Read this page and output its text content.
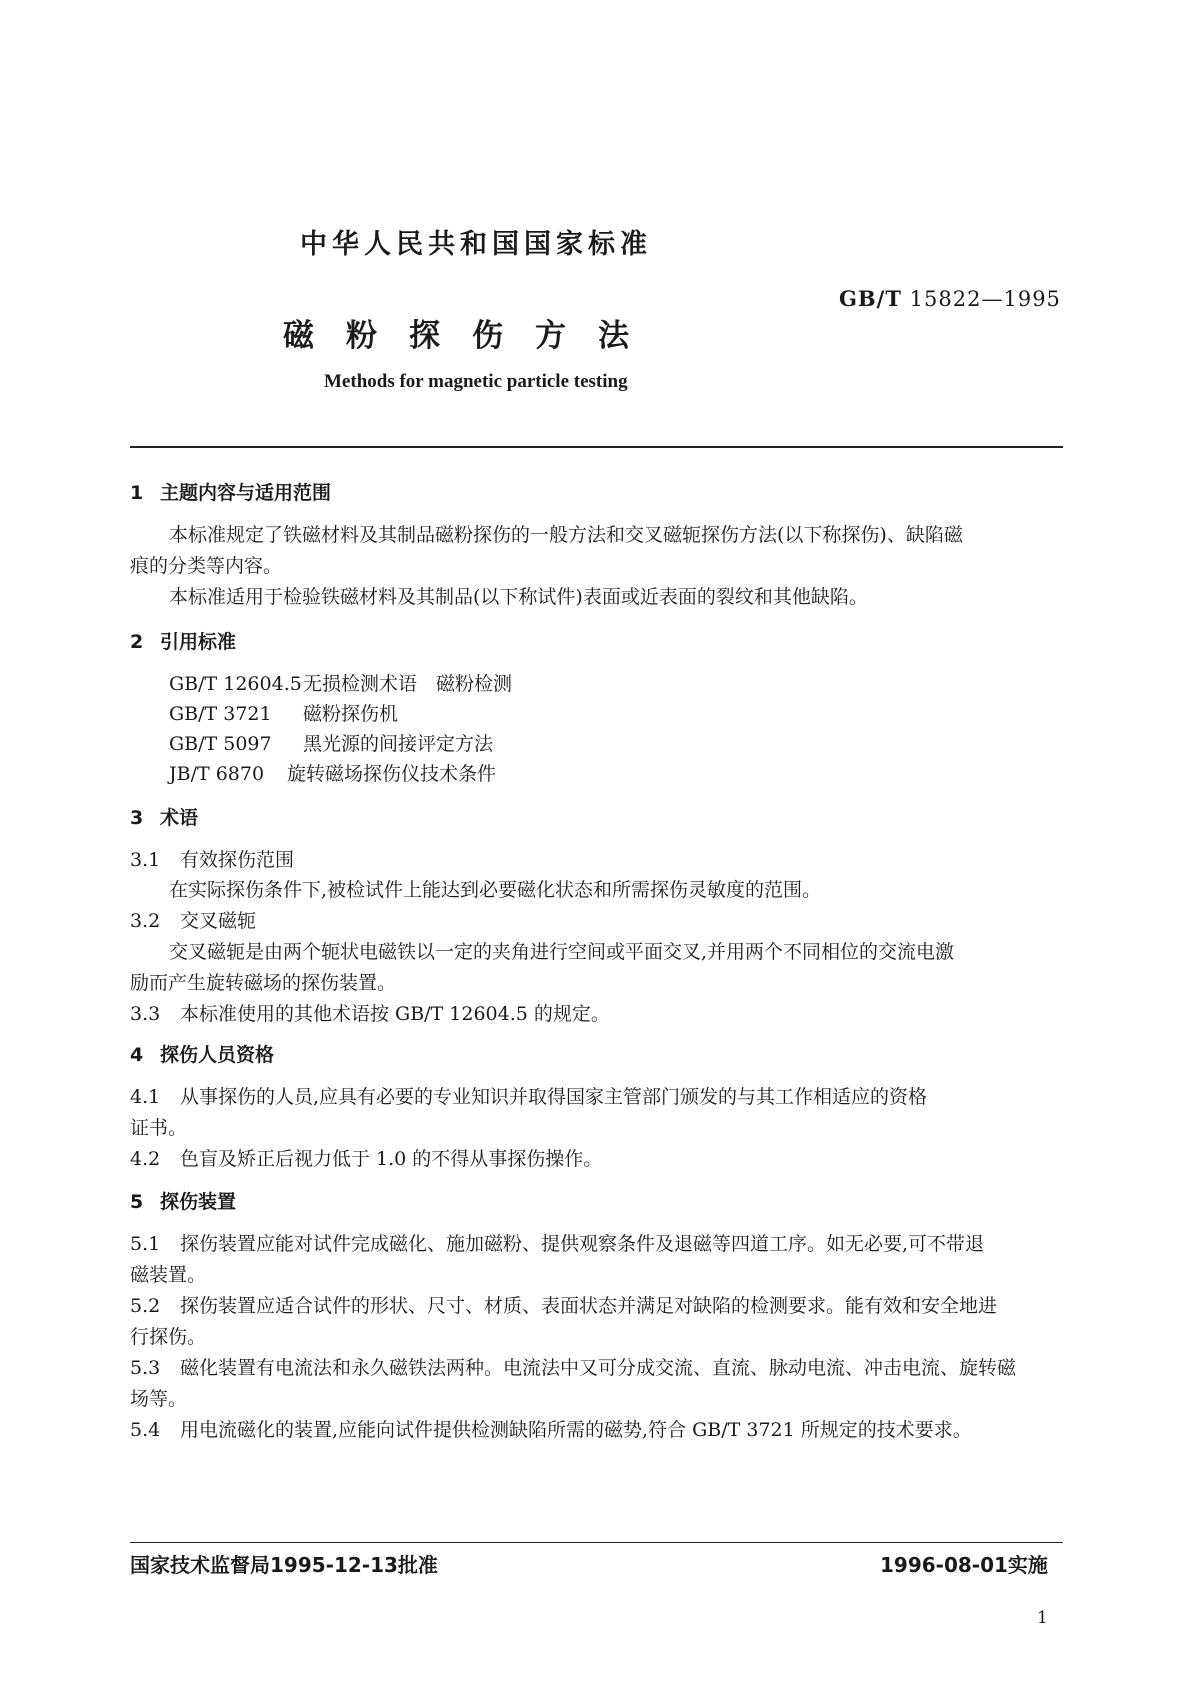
中华人民共和国国家标准
GB/T 15822—1995
磁粉探伤方法
Methods for magnetic particle testing
1 主题内容与适用范围
本标准规定了铁磁材料及其制品磁粉探伤的一般方法和交叉磁轭探伤方法(以下称探伤)、缺陷磁
痕的分类等内容。
本标准适用于检验铁磁材料及其制品(以下称试件)表面或近表面的裂纹和其他缺陷。
2 引用标准
GB/T 12604.5无损检测术语　磁粉检测
GB/T 3721 磁粉探伤机
GB/T 5097 黑光源的间接评定方法
JB/T 6870 旋转磁场探伤仪技术条件
3 术语
3.1 有效探伤范围
在实际探伤条件下,被检试件上能达到必要磁化状态和所需探伤灵敏度的范围。
3.2 交叉磁轭
交叉磁轭是由两个轭状电磁铁以一定的夹角进行空间或平面交叉,并用两个不同相位的交流电激
励而产生旋转磁场的探伤装置。
3.3 本标准使用的其他术语按 GB/T 12604.5 的规定。
4 探伤人员资格
4.1 从事探伤的人员,应具有必要的专业知识并取得国家主管部门颁发的与其工作相适应的资格
证书。
4.2 色盲及矫正后视力低于 1.0 的不得从事探伤操作。
5 探伤装置
5.1 探伤装置应能对试件完成磁化、施加磁粉、提供观察条件及退磁等四道工序。如无必要,可不带退
磁装置。
5.2 探伤装置应适合试件的形状、尺寸、材质、表面状态并满足对缺陷的检测要求。能有效和安全地进
行探伤。
5.3 磁化装置有电流法和永久磁铁法两种。电流法中又可分成交流、直流、脉动电流、冲击电流、旋转磁
场等。
5.4 用电流磁化的装置,应能向试件提供检测缺陷所需的磁势,符合 GB/T 3721 所规定的技术要求。
国家技术监督局1995-12-13批准	1996-08-01实施
1
